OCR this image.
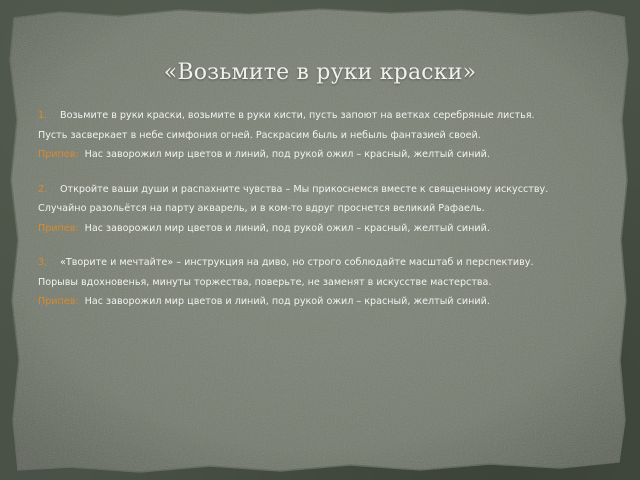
«Возьмите в руки краски»
1.	Возьмите в руки краски, возьмите в руки кисти, пусть запоют на ветках серебряные листья.
Пусть засверкает в небе симфония огней. Раскрасим быль и небыль фантазией своей.
Припев: Нас заворожил мир цветов и линий, под рукой ожил – красный, желтый синий.
2.	Откройте ваши души и распахните чувства – Мы прикоснемся вместе к священному искусству.
Случайно разольётся на парту акварель, и в ком-то вдруг проснется великий Рафаель.
Припев: Нас заворожил мир цветов и линий, под рукой ожил – красный, желтый синий.
3.	«Творите и мечтайте» – инструкция на диво, но строго соблюдайте масштаб и перспективу.
Порывы вдохновенья, минуты торжества, поверьте, не заменят в искусстве мастерства.
Припев: Нас заворожил мир цветов и линий, под рукой ожил – красный, желтый синий.
